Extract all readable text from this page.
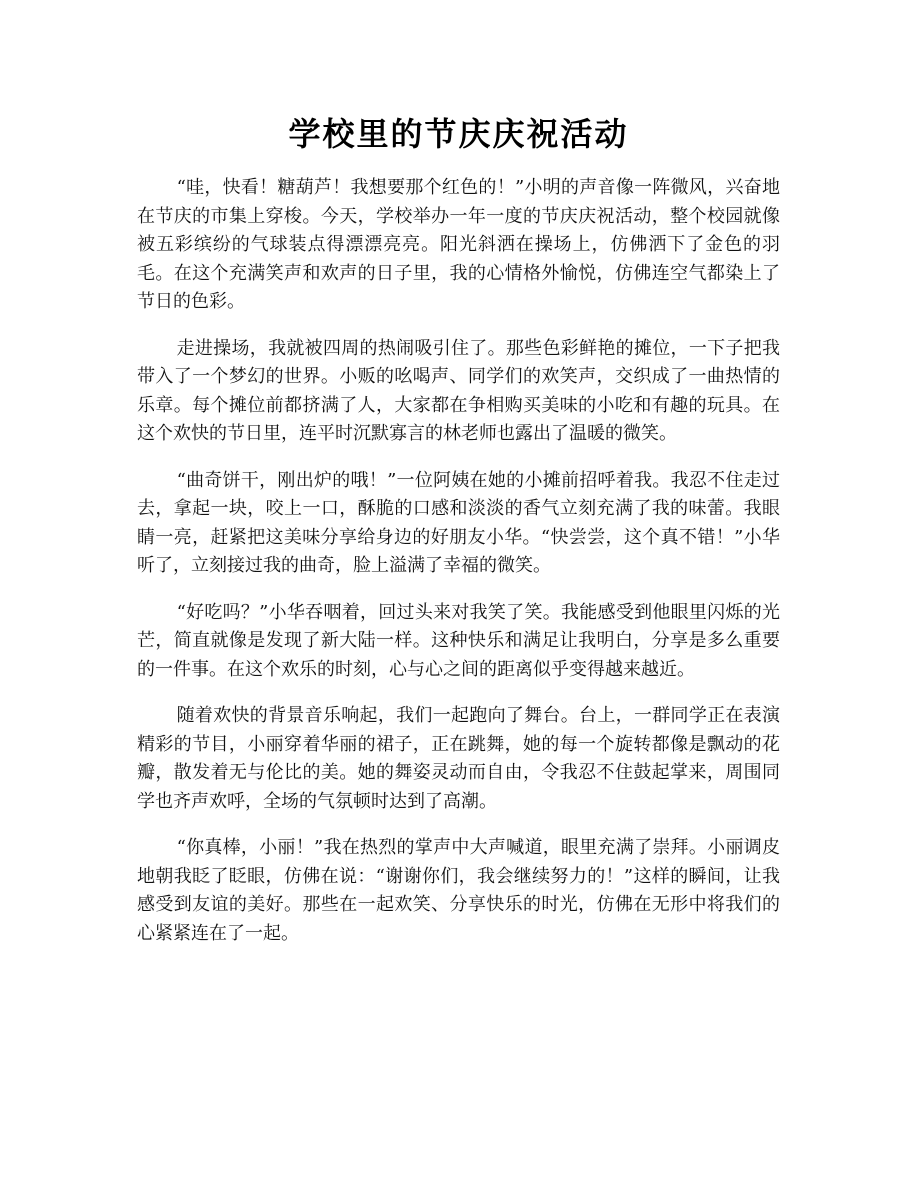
学校里的节庆庆祝活动

“哇，快看！糖葫芦！我想要那个红色的！”小明的声音像一阵微风，兴奋地在节庆的市集上穿梭。今天，学校举办一年一度的节庆庆祝活动，整个校园就像被五彩缤纷的气球装点得漂漂亮亮。阳光斜洒在操场上，仿佛洒下了金色的羽毛。在这个充满笑声和欢声的日子里，我的心情格外愉悦，仿佛连空气都染上了节日的色彩。

走进操场，我就被四周的热闹吸引住了。那些色彩鲜艳的摊位，一下子把我带入了一个梦幻的世界。小贩的吆喝声、同学们的欢笑声，交织成了一曲热情的乐章。每个摊位前都挤满了人，大家都在争相购买美味的小吃和有趣的玩具。在这个欢快的节日里，连平时沉默寡言的林老师也露出了温暖的微笑。

“曲奇饼干，刚出炉的哦！”一位阿姨在她的小摊前招呼着我。我忍不住走过去，拿起一块，咬上一口，酥脆的口感和淡淡的香气立刻充满了我的味蕾。我眼睛一亮，赶紧把这美味分享给身边的好朋友小华。“快尝尝，这个真不错！”小华听了，立刻接过我的曲奇，脸上溢满了幸福的微笑。

“好吃吗？”小华吞咽着，回过头来对我笑了笑。我能感受到他眼里闪烁的光芒，简直就像是发现了新大陆一样。这种快乐和满足让我明白，分享是多么重要的一件事。在这个欢乐的时刻，心与心之间的距离似乎变得越来越近。

随着欢快的背景音乐响起，我们一起跑向了舞台。台上，一群同学正在表演精彩的节目，小丽穿着华丽的裙子，正在跳舞，她的每一个旋转都像是飘动的花瓣，散发着无与伦比的美。她的舞姿灵动而自由，令我忍不住鼓起掌来，周围同学也齐声欢呼，全场的气氛顿时达到了高潮。

“你真棒，小丽！”我在热烈的掌声中大声喊道，眼里充满了崇拜。小丽调皮地朝我眨了眨眼，仿佛在说：“谢谢你们，我会继续努力的！”这样的瞬间，让我感受到友谊的美好。那些在一起欢笑、分享快乐的时光，仿佛在无形中将我们的心紧紧连在了一起。
